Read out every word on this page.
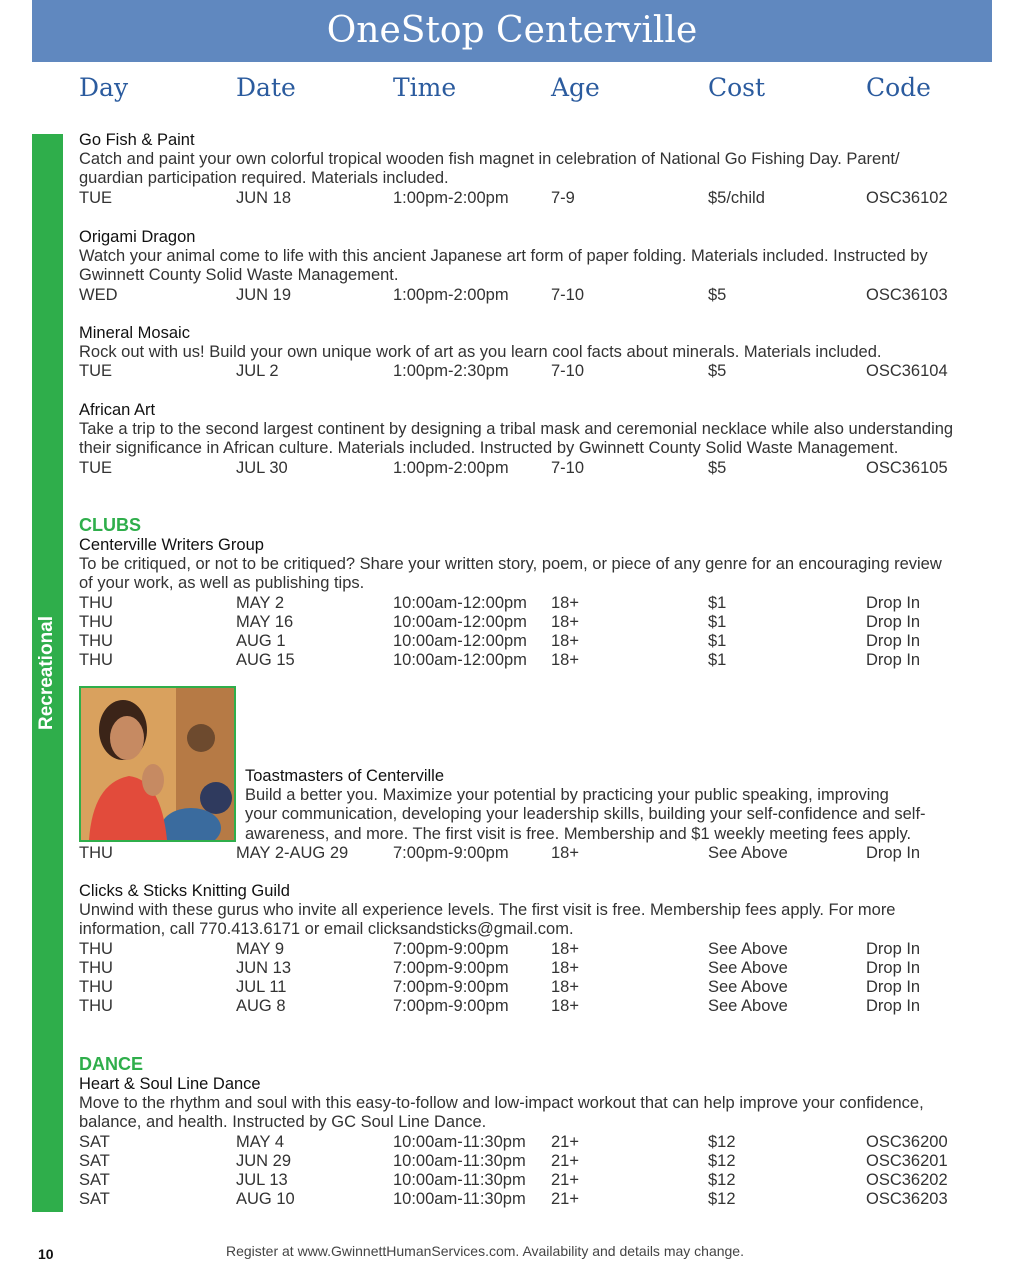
OneStop Centerville
Day	Date	Time	Age	Cost	Code
Recreational
10	Register at www.GwinnettHumanServices.com. Availability and details may change.
Go Fish & Paint
Catch and paint your own colorful tropical wooden fish magnet in celebration of National Go Fishing Day. Parent/
guardian participation required. Materials included.
TUE	JUN 18	1:00pm-2:00pm	7-9	$5/child	OSC36102
Origami Dragon
Watch your animal come to life with this ancient Japanese art form of paper folding. Materials included. Instructed by
Gwinnett County Solid Waste Management.
WED	JUN 19	1:00pm-2:00pm	7-10	$5	OSC36103
Mineral Mosaic
Rock out with us! Build your own unique work of art as you learn cool facts about minerals. Materials included.
TUE	JUL 2	1:00pm-2:30pm	7-10	$5	OSC36104
African Art
Take a trip to the second largest continent by designing a tribal mask and ceremonial necklace while also understanding
their significance in African culture. Materials included. Instructed by Gwinnett County Solid Waste Management.
TUE	JUL 30	1:00pm-2:00pm	7-10	$5	OSC36105
CLUBS
Centerville Writers Group
To be critiqued, or not to be critiqued? Share your written story, poem, or piece of any genre for an encouraging review
of your work, as well as publishing tips.
THU	MAY 2	10:00am-12:00pm 18+	$1	Drop In
THU	MAY 16	10:00am-12:00pm 18+	$1	Drop In
THU	AUG 1	10:00am-12:00pm 18+	$1	Drop In
THU	AUG 15	10:00am-12:00pm 18+	$1	Drop In
Toastmasters of Centerville
Build a better you. Maximize your potential by practicing your public speaking, improving
your communication, developing your leadership skills, building your self-confidence and self-
awareness, and more. The first visit is free. Membership and $1 weekly meeting fees apply.
THU	MAY 2-AUG 29	7:00pm-9:00pm	18+	See Above	Drop In
Clicks & Sticks Knitting Guild
Unwind with these gurus who invite all experience levels. The first visit is free. Membership fees apply. For more
information, call 770.413.6171 or email clicksandsticks@gmail.com.
THU	MAY 9	7:00pm-9:00pm	18+	See Above	Drop In
THU	JUN 13	7:00pm-9:00pm	18+	See Above	Drop In
THU	JUL 11	7:00pm-9:00pm	18+	See Above	Drop In
THU	AUG 8	7:00pm-9:00pm	18+	See Above	Drop In
DANCE
Heart & Soul Line Dance
Move to the rhythm and soul with this easy-to-follow and low-impact workout that can help improve your confidence,
balance, and health. Instructed by GC Soul Line Dance.
SAT	MAY 4	10:00am-11:30pm 21+	$12	OSC36200
SAT	JUN 29	10:00am-11:30pm 21+	$12	OSC36201
SAT	JUL 13	10:00am-11:30pm 21+	$12	OSC36202
SAT	AUG 10	10:00am-11:30pm 21+	$12	OSC36203
